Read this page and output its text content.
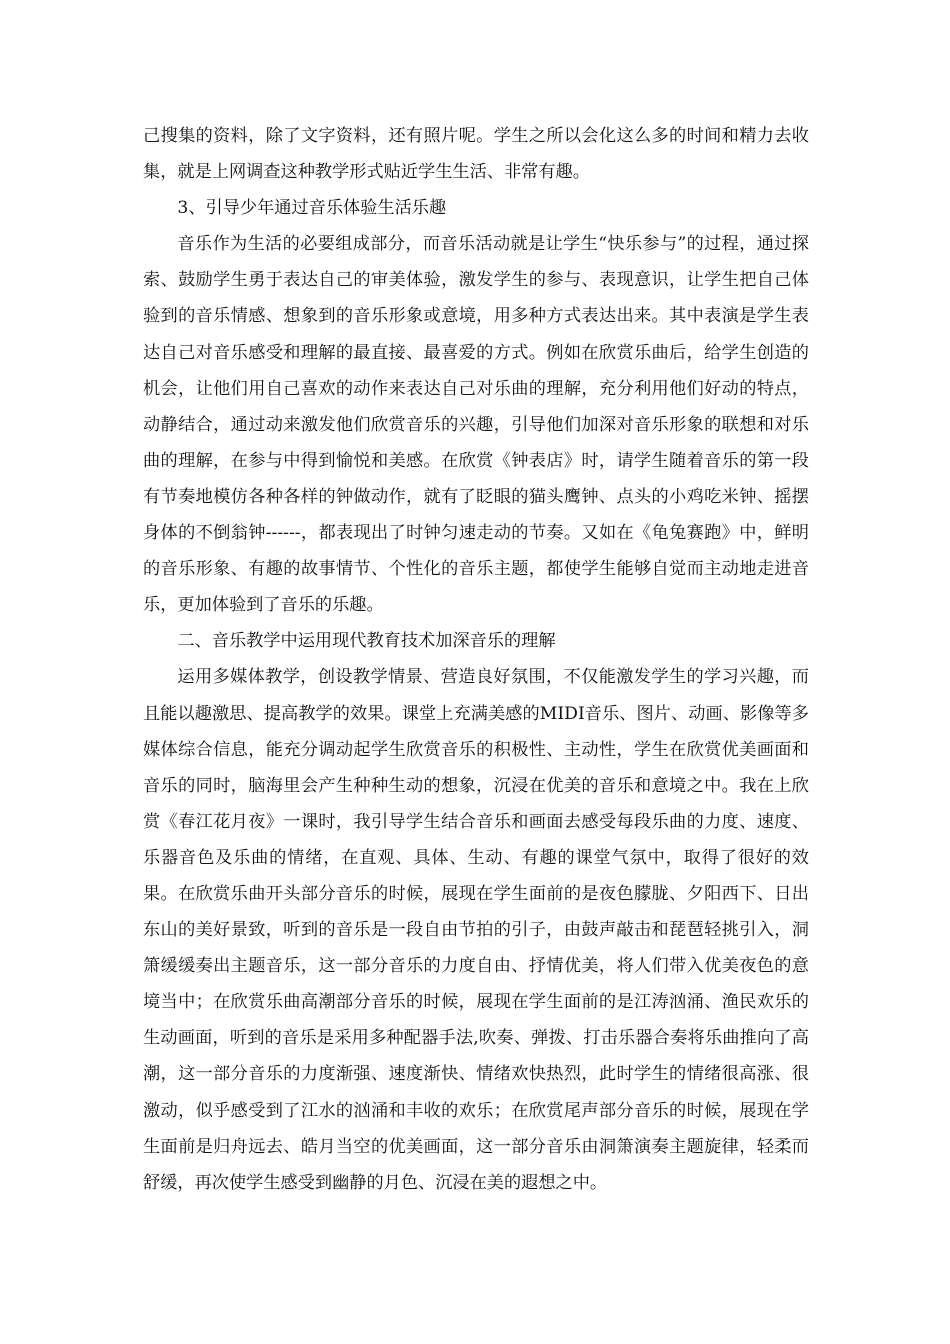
己搜集的资料，除了文字资料，还有照片呢。学生之所以会化这么多的时间和精力去收集，就是上网调查这种教学形式贴近学生生活、非常有趣。

3、引导少年通过音乐体验生活乐趣

音乐作为生活的必要组成部分，而音乐活动就是让学生“快乐参与”的过程，通过探索、鼓励学生勇于表达自己的审美体验，激发学生的参与、表现意识，让学生把自己体验到的音乐情感、想象到的音乐形象或意境，用多种方式表达出来。其中表演是学生表达自己对音乐感受和理解的最直接、最喜爱的方式。例如在欣赏乐曲后，给学生创造的机会，让他们用自己喜欢的动作来表达自己对乐曲的理解，充分利用他们好动的特点，动静结合，通过动来激发他们欣赏音乐的兴趣，引导他们加深对音乐形象的联想和对乐曲的理解，在参与中得到愉悦和美感。在欣赏《钟表店》时，请学生随着音乐的第一段有节奏地模仿各种各样的钟做动作，就有了眨眼的猫头鹰钟、点头的小鸡吃米钟、摇摆身体的不倒翁钟------，都表现出了时钟匀速走动的节奏。又如在《龟兔赛跑》中，鲜明的音乐形象、有趣的故事情节、个性化的音乐主题，都使学生能够自觉而主动地走进音乐，更加体验到了音乐的乐趣。

二、音乐教学中运用现代教育技术加深音乐的理解

运用多媒体教学，创设教学情景、营造良好氛围，不仅能激发学生的学习兴趣，而且能以趣激思、提高教学的效果。课堂上充满美感的MIDI音乐、图片、动画、影像等多媒体综合信息，能充分调动起学生欣赏音乐的积极性、主动性，学生在欣赏优美画面和音乐的同时，脑海里会产生种种生动的想象，沉浸在优美的音乐和意境之中。我在上欣赏《春江花月夜》一课时，我引导学生结合音乐和画面去感受每段乐曲的力度、速度、乐器音色及乐曲的情绪，在直观、具体、生动、有趣的课堂气氛中，取得了很好的效果。在欣赏乐曲开头部分音乐的时候，展现在学生面前的是夜色朦胧、夕阳西下、日出东山的美好景致，听到的音乐是一段自由节拍的引子，由鼓声敲击和琵琶轻挑引入，洞箫缓缓奏出主题音乐，这一部分音乐的力度自由、抒情优美，将人们带入优美夜色的意境当中；在欣赏乐曲高潮部分音乐的时候，展现在学生面前的是江涛汹涌、渔民欢乐的生动画面，听到的音乐是采用多种配器手法,吹奏、弹拨、打击乐器合奏将乐曲推向了高潮，这一部分音乐的力度渐强、速度渐快、情绪欢快热烈，此时学生的情绪很高涨、很激动，似乎感受到了江水的汹涌和丰收的欢乐；在欣赏尾声部分音乐的时候，展现在学生面前是归舟远去、皓月当空的优美画面，这一部分音乐由洞箫演奏主题旋律，轻柔而舒缓，再次使学生感受到幽静的月色、沉浸在美的遐想之中。
